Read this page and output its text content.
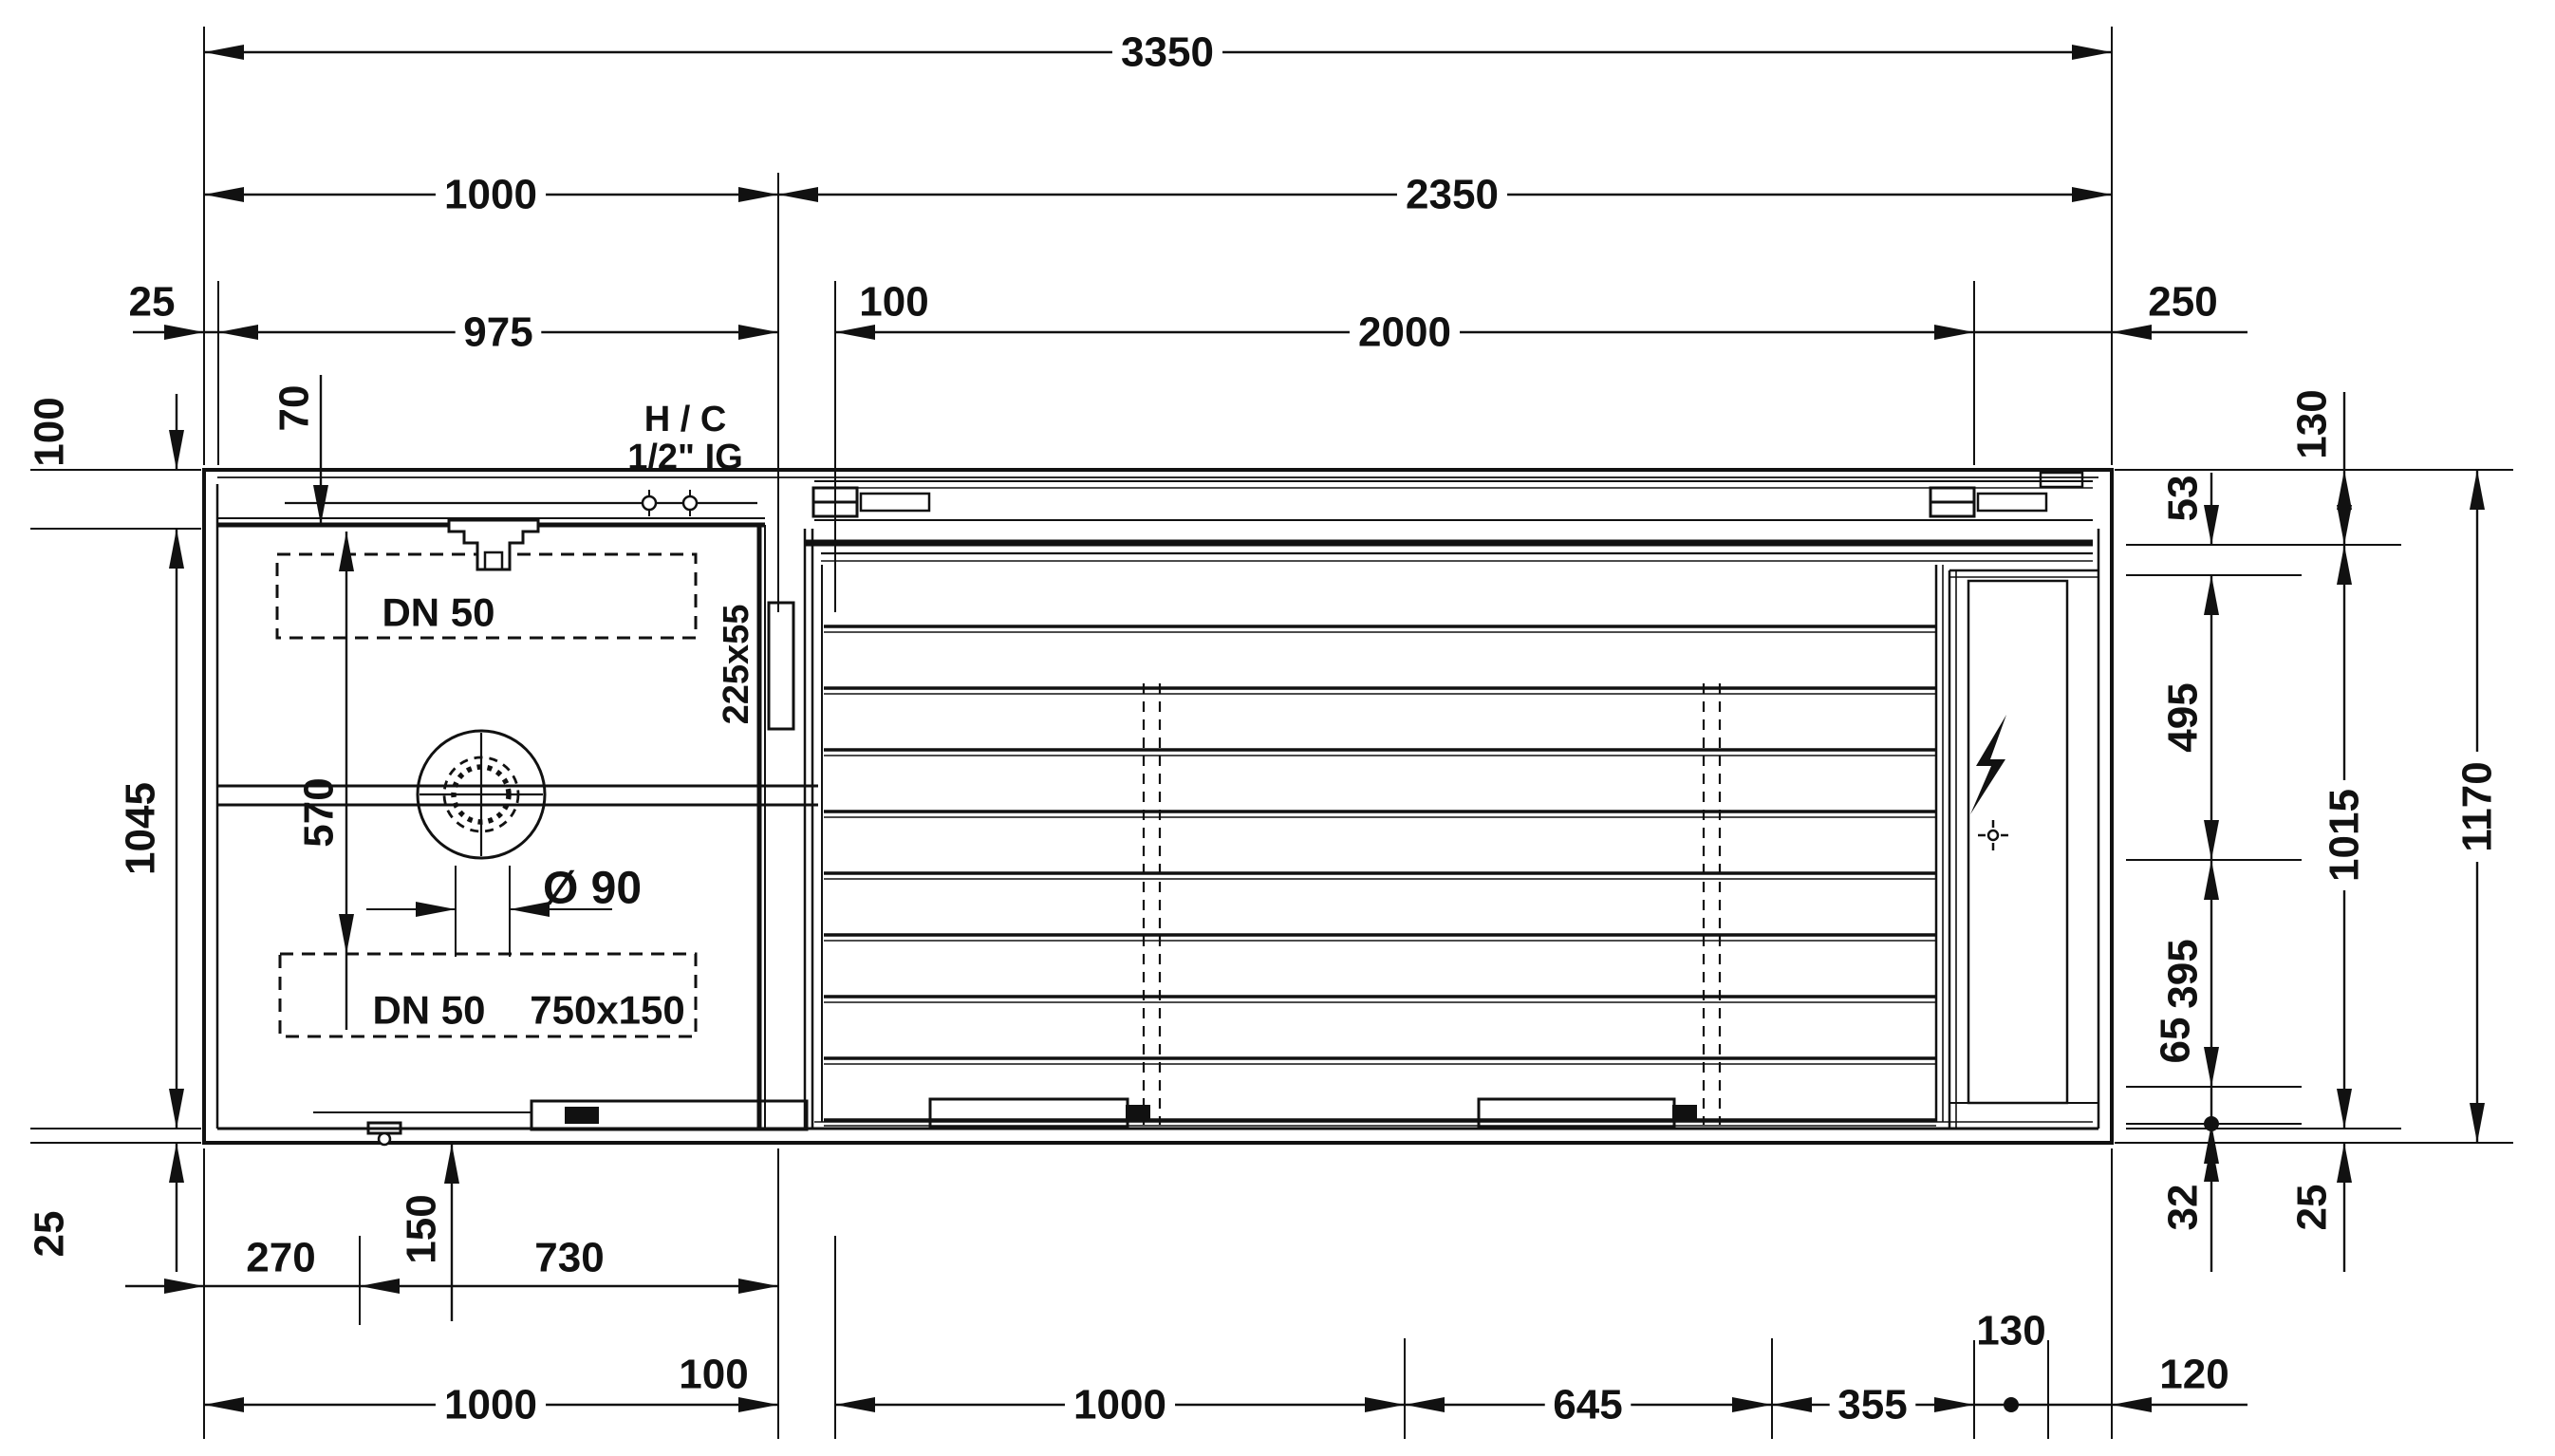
3350
1000	2350
25
975
100
2000
250
270	730
1000
100
1000	645	355
130
120
100
1045
25
70
570
150
53
495
395
65
32
130
1015
25
1170
H / C
1/2" IG
DN 50
DN 50 750x150
225x55
Ø 90
